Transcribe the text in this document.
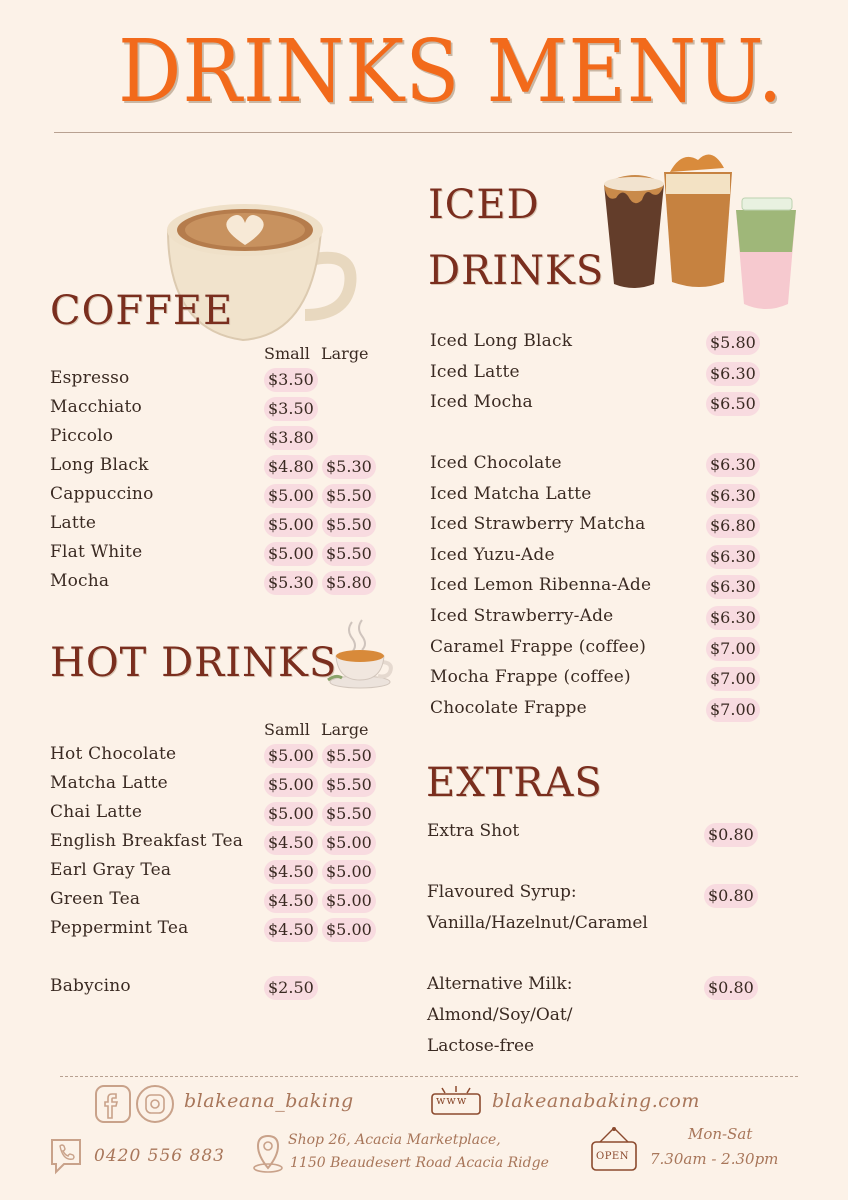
DRINKS MENU.
COFFEE
Small Large
Espresso	$3.50
Macchiato	$3.50
Piccolo	$3.80
Long Black	$4.80 $5.30
Cappuccino	$5.00 $5.50
Latte	$5.00 $5.50
Flat White	$5.00 $5.50
Mocha	$5.30 $5.80
HOT DRINKS
Samll Large
Hot Chocolate	$5.00 $5.50
Matcha Latte	$5.00 $5.50
Chai Latte	$5.00 $5.50
English Breakfast Tea $4.50 $5.00
Earl Gray Tea	$4.50 $5.00
Green Tea	$4.50 $5.00
Peppermint Tea	$4.50 $5.00
Babycino	$2.50
ICED
DRINKS
Iced Long Black	$5.80
Iced Latte	$6.30
Iced Mocha	$6.50
Iced Chocolate	$6.30
Iced Matcha Latte	$6.30
Iced Strawberry Matcha	$6.80
Iced Yuzu-Ade	$6.30
Iced Lemon Ribenna-Ade	$6.30
Iced Strawberry-Ade	$6.30
Caramel Frappe (coffee)	$7.00
Mocha Frappe (coffee)	$7.00
Chocolate Frappe	$7.00
EXTRAS
Extra Shot	$0.80
Flavoured Syrup:
Vanilla/Hazelnut/Caramel
$0.80
Alternative Milk:
Almond/Soy/Oat/
Lactose-free
$0.80
blakeana_baking	www blakeanabaking.com
0420 556 883
Shop 26, Acacia Marketplace,
1150 Beaudesert Road Acacia Ridge	OPEN
Mon-Sat
7.30am - 2.30pm
